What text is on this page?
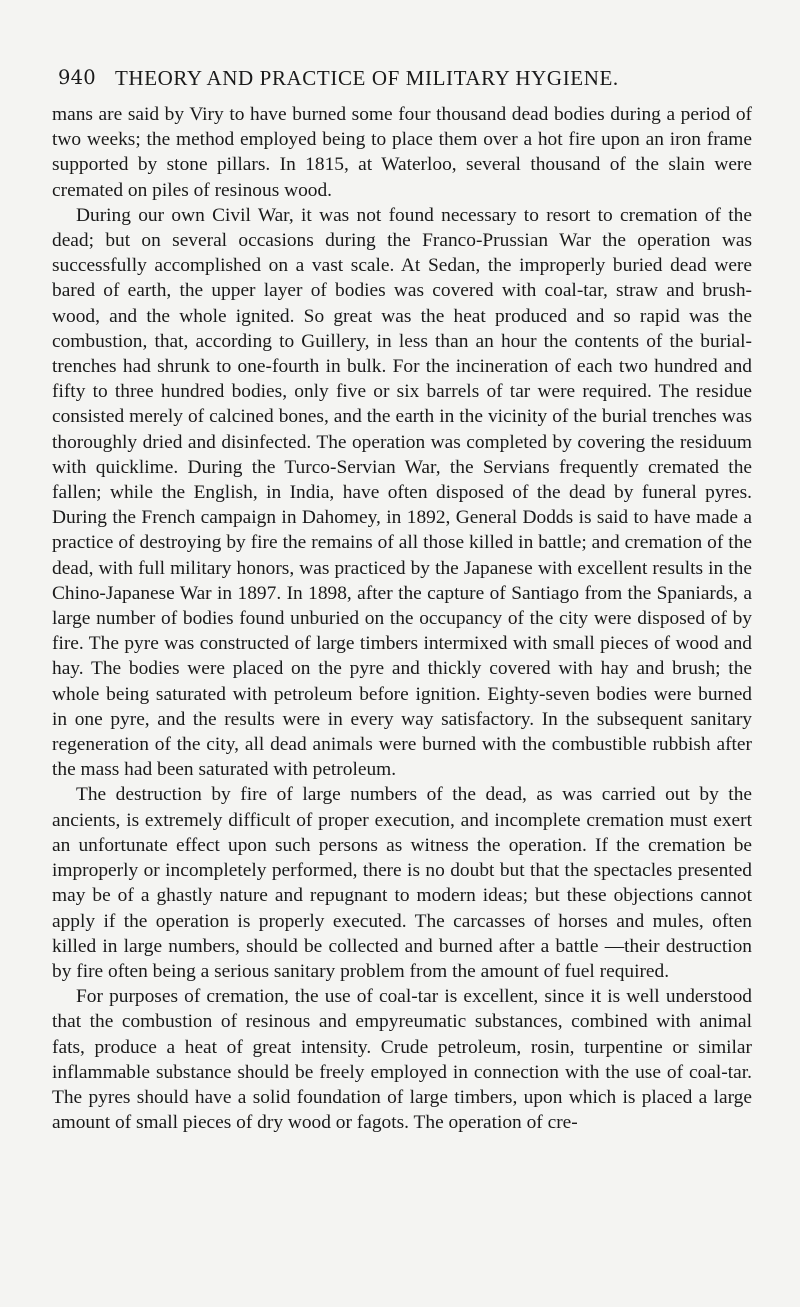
940 THEORY AND PRACTICE OF MILITARY HYGIENE.

mans are said by Viry to have burned some four thousand dead bodies during a period of two weeks; the method employed being to place them over a hot fire upon an iron frame supported by stone pillars. In 1815, at Waterloo, several thousand of the slain were cremated on piles of resinous wood.

During our own Civil War, it was not found necessary to resort to cremation of the dead; but on several occasions during the Franco-Prussian War the operation was successfully accomplished on a vast scale. At Sedan, the improperly buried dead were bared of earth, the upper layer of bodies was covered with coal-tar, straw and brush-wood, and the whole ignited. So great was the heat produced and so rapid was the combustion, that, according to Guillery, in less than an hour the contents of the burial-trenches had shrunk to one-fourth in bulk. For the incineration of each two hundred and fifty to three hundred bodies, only five or six barrels of tar were required. The residue consisted merely of calcined bones, and the earth in the vicinity of the burial trenches was thoroughly dried and disinfected. The operation was completed by covering the residuum with quicklime. During the Turco-Servian War, the Servians frequently cremated the fallen; while the English, in India, have often disposed of the dead by funeral pyres. During the French campaign in Dahomey, in 1892, General Dodds is said to have made a practice of destroying by fire the remains of all those killed in battle; and cremation of the dead, with full military honors, was practiced by the Japanese with excellent results in the Chino-Japanese War in 1897. In 1898, after the capture of Santiago from the Spaniards, a large number of bodies found unburied on the occupancy of the city were disposed of by fire. The pyre was constructed of large timbers intermixed with small pieces of wood and hay. The bodies were placed on the pyre and thickly covered with hay and brush; the whole being saturated with petroleum before ignition. Eighty-seven bodies were burned in one pyre, and the results were in every way satisfactory. In the subsequent sanitary regeneration of the city, all dead animals were burned with the combustible rubbish after the mass had been saturated with petroleum.

The destruction by fire of large numbers of the dead, as was carried out by the ancients, is extremely difficult of proper execution, and incomplete cremation must exert an unfortunate effect upon such persons as witness the operation. If the cremation be improperly or incompletely performed, there is no doubt but that the spectacles presented may be of a ghastly nature and repugnant to modern ideas; but these objections cannot apply if the operation is properly executed. The carcasses of horses and mules, often killed in large numbers, should be collected and burned after a battle —their destruction by fire often being a serious sanitary problem from the amount of fuel required.

For purposes of cremation, the use of coal-tar is excellent, since it is well understood that the combustion of resinous and empyreumatic substances, combined with animal fats, produce a heat of great intensity. Crude petroleum, rosin, turpentine or similar inflammable substance should be freely employed in connection with the use of coal-tar. The pyres should have a solid foundation of large timbers, upon which is placed a large amount of small pieces of dry wood or fagots. The operation of cre-
